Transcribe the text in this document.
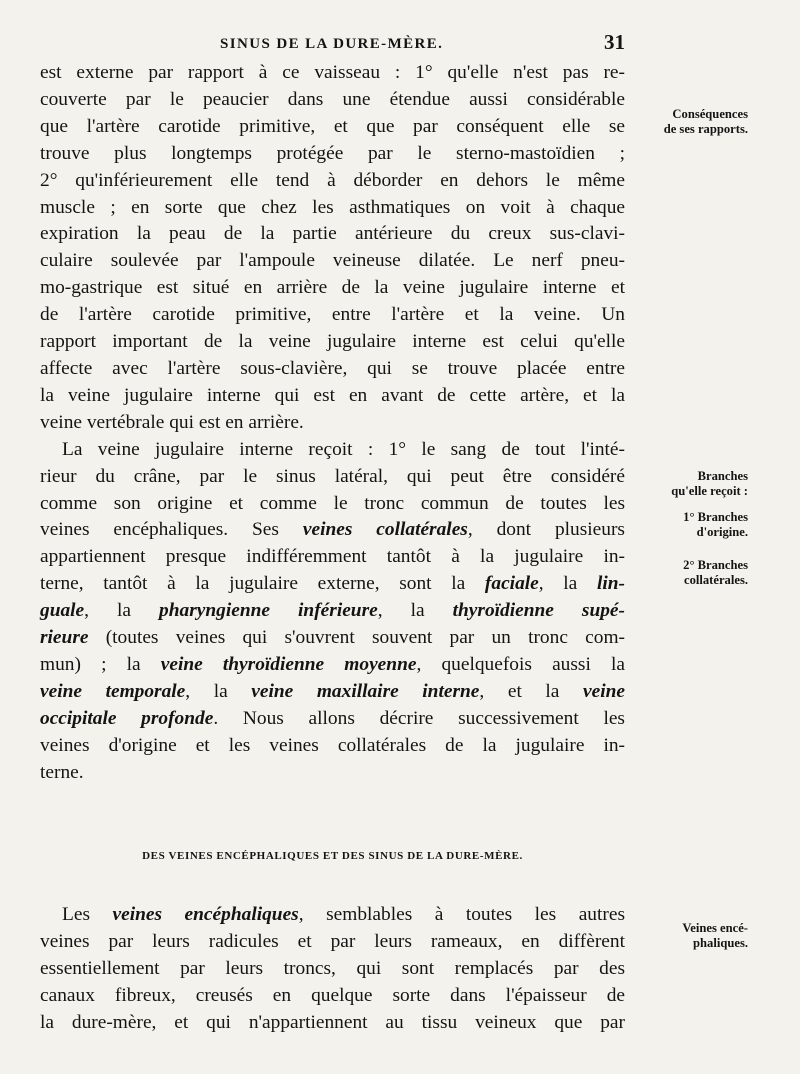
SINUS DE LA DURE-MÈRE.	31

est externe par rapport à ce vaisseau : 1° qu'elle n'est pas re-
couverte par le peaucier dans une étendue aussi considérable
que l'artère carotide primitive, et que par conséquent elle se
trouve plus longtemps protégée par le sterno-mastoïdien ;
2° qu'inférieurement elle tend à déborder en dehors le même
muscle ; en sorte que chez les asthmatiques on voit à chaque
expiration la peau de la partie antérieure du creux sus-clavi-
culaire soulevée par l'ampoule veineuse dilatée. Le nerf pneu-
mo-gastrique est situé en arrière de la veine jugulaire interne et
de l'artère carotide primitive, entre l'artère et la veine. Un
rapport important de la veine jugulaire interne est celui qu'elle
affecte avec l'artère sous-clavière, qui se trouve placée entre
la veine jugulaire interne qui est en avant de cette artère, et la
veine vertébrale qui est en arrière.

La veine jugulaire interne reçoit : 1° le sang de tout l'inté-
rieur du crâne, par le sinus latéral, qui peut être considéré
comme son origine et comme le tronc commun de toutes les
veines encéphaliques. Ses veines collatérales, dont plusieurs
appartiennent presque indifféremment tantôt à la jugulaire in-
terne, tantôt à la jugulaire externe, sont la faciale, la lin-
guale, la pharyngienne inférieure, la thyroïdienne supé-
rieure (toutes veines qui s'ouvrent souvent par un tronc com-
mun) ; la veine thyroïdienne moyenne, quelquefois aussi la
veine temporale, la veine maxillaire interne, et la veine
occipitale profonde. Nous allons décrire successivement les
veines d'origine et les veines collatérales de la jugulaire in-
terne.

DES VEINES ENCÉPHALIQUES ET DES SINUS DE LA DURE-MÈRE.

Les veines encéphaliques, semblables à toutes les autres
veines par leurs radicules et par leurs rameaux, en diffèrent
essentiellement par leurs troncs, qui sont remplacés par des
canaux fibreux, creusés en quelque sorte dans l'épaisseur de
la dure-mère, et qui n'appartiennent au tissu veineux que par

Conséquences
de ses rapports.
Branches
qu'elle reçoit :
1° Branches
d'origine.
2° Branches
collatérales.
Veines encé-
phaliques.
